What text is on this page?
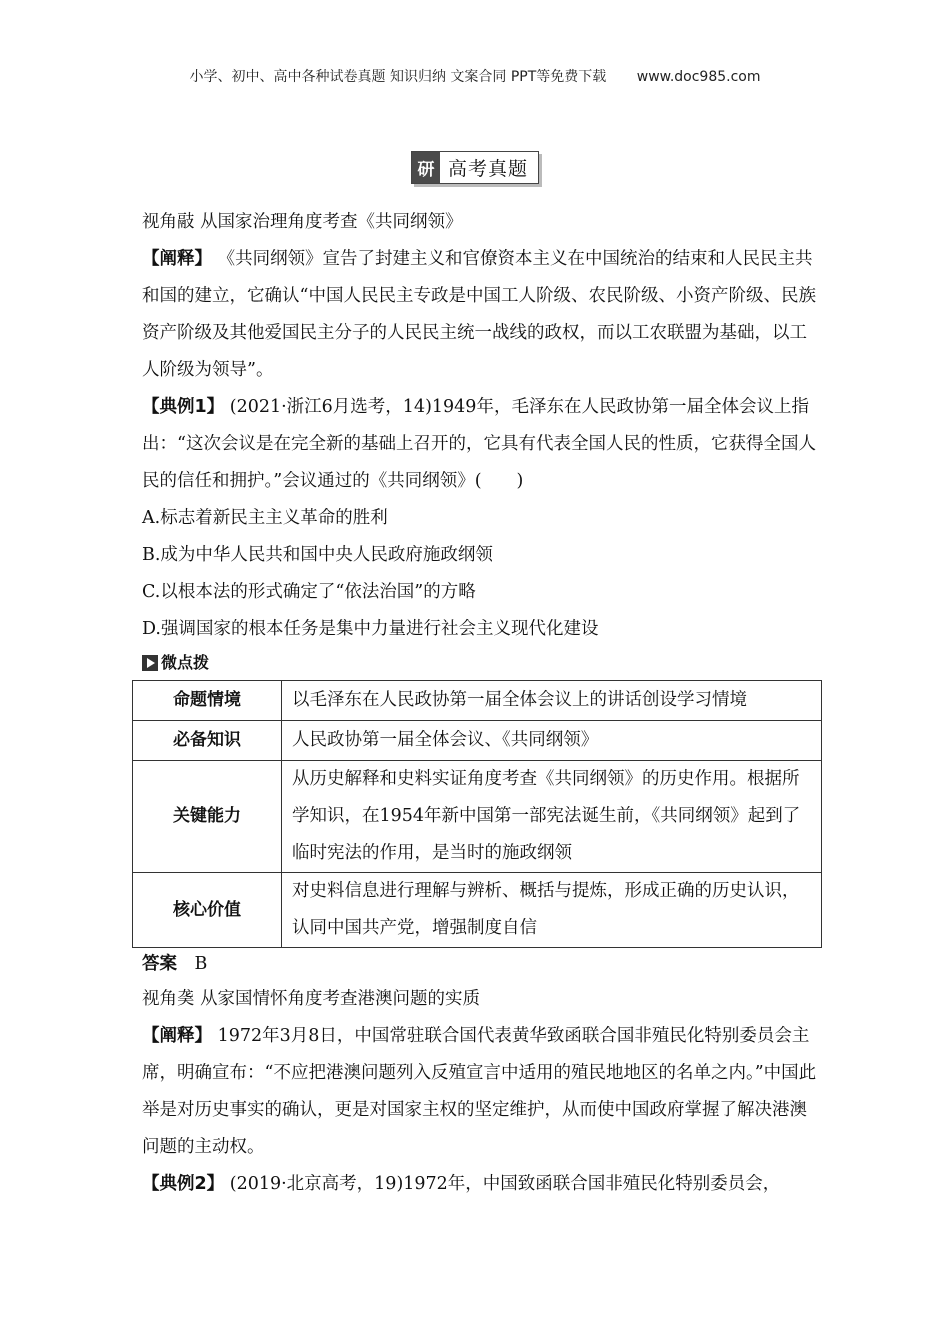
小学、初中、高中各种试卷真题 知识归纳 文案合同 PPT等免费下载 www.doc985.com
研 高考真题

视角䰙 从国家治理角度考查《共同纲领》

【阐释】 《共同纲领》宣告了封建主义和官僚资本主义在中国统治的结束和人民民主共和国的建立，它确认“中国人民民主专政是中国工人阶级、农民阶级、小资产阶级、民族资产阶级及其他爱国民主分子的人民民主统一战线的政权，而以工农联盟为基础，以工人阶级为领导”。

【典例1】 (2021·浙江6月选考，14)1949年，毛泽东在人民政协第一届全体会议上指出：“这次会议是在完全新的基础上召开的，它具有代表全国人民的性质，它获得全国人民的信任和拥护。”会议通过的《共同纲领》(　　)

A.标志着新民主主义革命的胜利

B.成为中华人民共和国中央人民政府施政纲领

C.以根本法的形式确定了“依法治国”的方略

D.强调国家的根本任务是集中力量进行社会主义现代化建设

微点拨
命题情境	以毛泽东在人民政协第一届全体会议上的讲话创设学习情境
必备知识	人民政协第一届全体会议、《共同纲领》
关键能力	从历史解释和史料实证角度考查《共同纲领》的历史作用。根据所学知识，在1954年新中国第一部宪法诞生前，《共同纲领》起到了临时宪法的作用，是当时的施政纲领
核心价值	对史料信息进行理解与辨析、概括与提炼，形成正确的历史认识，认同中国共产党，增强制度自信

答案　 B

视角䶮 从家国情怀角度考查港澳问题的实质

【阐释】 1972年3月8日，中国常驻联合国代表黄华致函联合国非殖民化特别委员会主席，明确宣布：“不应把港澳问题列入反殖宣言中适用的殖民地地区的名单之内。”中国此举是对历史事实的确认，更是对国家主权的坚定维护，从而使中国政府掌握了解决港澳问题的主动权。

【典例2】 (2019·北京高考，19)1972年，中国致函联合国非殖民化特别委员会，
